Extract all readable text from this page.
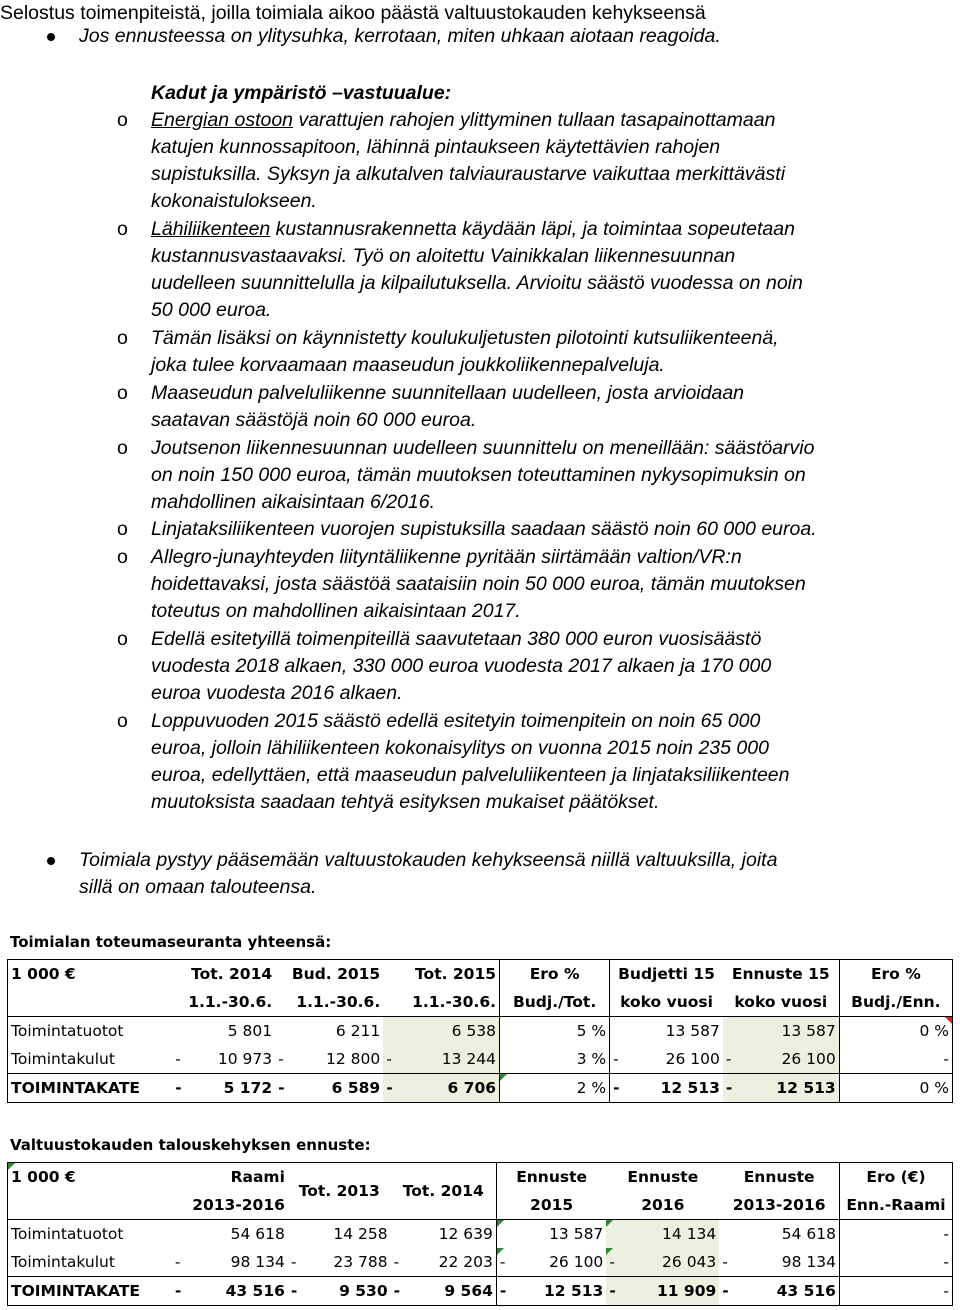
Selostus toimenpiteistä, joilla toimiala aikoo päästä valtuustokauden kehykseensä
Jos ennusteessa on ylitysuhka, kerrotaan, miten uhkaan aiotaan reagoida.
Kadut ja ympäristö –vastuualue:
o Energian ostoon varattujen rahojen ylittyminen tullaan tasapainottamaan
katujen kunnossapitoon, lähinnä pintaukseen käytettävien rahojen
supistuksilla. Syksyn ja alkutalven talviauraustarve vaikuttaa merkittävästi
kokonaistulokseen.
o Lähiliikenteen kustannusrakennetta käydään läpi, ja toimintaa sopeutetaan
kustannusvastaavaksi. Työ on aloitettu Vainikkalan liikennesuunnan
uudelleen suunnittelulla ja kilpailutuksella. Arvioitu säästö vuodessa on noin
50 000 euroa.
o Tämän lisäksi on käynnistetty koulukuljetusten pilotointi kutsuliikenteenä,
joka tulee korvaamaan maaseudun joukkoliikennepalveluja.
o Maaseudun palveluliikenne suunnitellaan uudelleen, josta arvioidaan
saatavan säästöjä noin 60 000 euroa.
o Joutsenon liikennesuunnan uudelleen suunnittelu on meneillään: säästöarvio
on noin 150 000 euroa, tämän muutoksen toteuttaminen nykysopimuksin on
mahdollinen aikaisintaan 6/2016.
o Linjataksiliikenteen vuorojen supistuksilla saadaan säästö noin 60 000 euroa.
o Allegro-junayhteyden liityntäliikenne pyritään siirtämään valtion/VR:n
hoidettavaksi, josta säästöä saataisiin noin 50 000 euroa, tämän muutoksen
toteutus on mahdollinen aikaisintaan 2017.
o Edellä esitetyillä toimenpiteillä saavutetaan 380 000 euron vuosisäästö
vuodesta 2018 alkaen, 330 000 euroa vuodesta 2017 alkaen ja 170 000
euroa vuodesta 2016 alkaen.
o Loppuvuoden 2015 säästö edellä esitetyin toimenpitein on noin 65 000
euroa, jolloin lähiliikenteen kokonaisylitys on vuonna 2015 noin 235 000
euroa, edellyttäen, että maaseudun palveluliikenteen ja linjataksiliikenteen
muutoksista saadaan tehtyä esityksen mukaiset päätökset.
Toimiala pystyy pääsemään valtuustokauden kehykseensä niillä valtuuksilla, joita
sillä on omaan talouteensa.
Toimialan toteumaseuranta yhteensä:
1 000 €	Tot. 2014	Bud. 2015	Tot. 2015	Ero %	Budjetti 15	Ennuste 15	Ero %
	1.1.-30.6.	1.1.-30.6.	1.1.-30.6.	Budj./Tot.	koko vuosi	koko vuosi	Budj./Enn.
Toimintatuotot	5 801	6 211	6 538	5 %	13 587	13 587	0 %

Toimintakulut	- 10 973	- 12 800	- 13 244	3 %	- 26 100	- 26 100	-
TOIMINTAKATE	- 5 172	- 6 589	- 6 706	2 %	- 12 513	- 12 513	0 %
Valtuustokauden talouskehyksen ennuste:
1 000 €	Raami	Tot. 2013	Tot. 2014	Ennuste	Ennuste	Ennuste	Ero (€)
	2013-2016			2015	2016	2013-2016	Enn.-Raami
Toimintatuotot	54 618	14 258	12 639	13 587	14 134	54 618	-
Toimintakulut	- 98 134	- 23 788	- 22 203	- 26 100	- 26 043	- 98 134	-
TOIMINTAKATE	- 43 516	- 9 530	- 9 564	- 12 513	- 11 909	- 43 516	-
